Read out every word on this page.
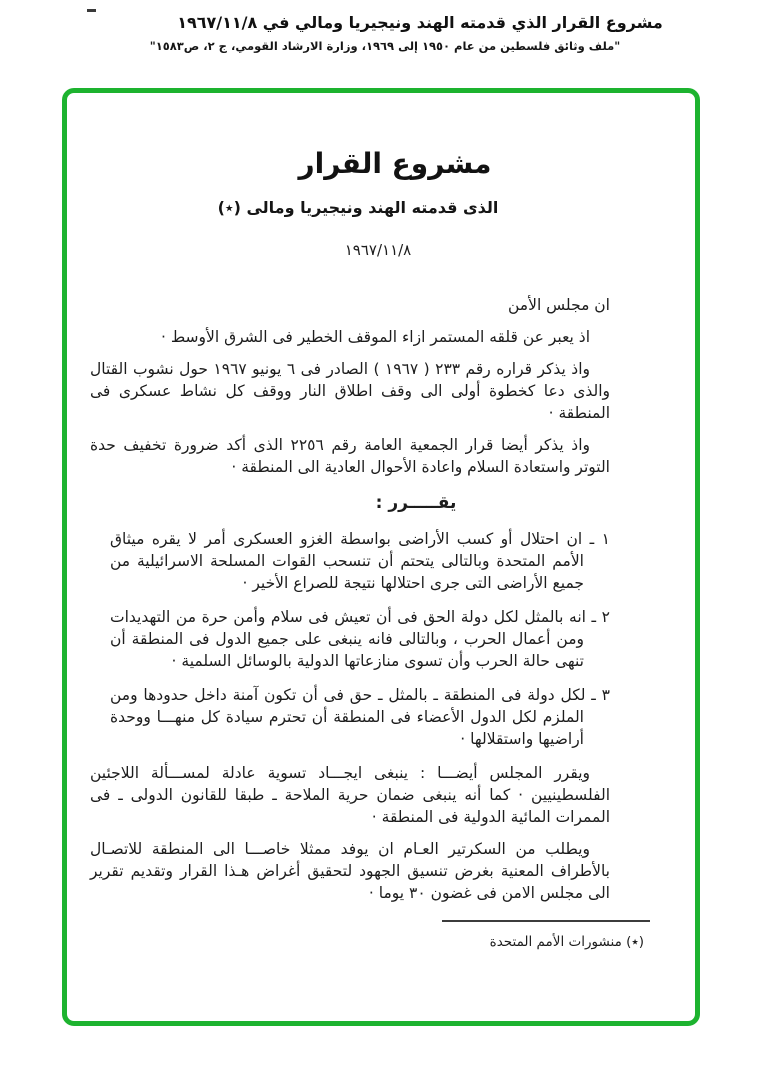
مشروع القرار الذي قدمته الهند ونيجيريا ومالي في ١٩٦٧/١١/٨
"ملف وثائق فلسطين من عام ١٩٥٠ إلى ١٩٦٩، وزارة الارشاد القومي، ج ٢، ص١٥٨٣"
مشروع القرار
الذى قدمته الهند ونيجيريا ومالى (٭)
١٩٦٧/١١/٨

ان مجلس الأمن

اذ يعبر عن قلقه المستمر ازاء الموقف الخطير فى الشرق الأوسط ·

واذ يذكر قراره رقم ٢٣٣ ( ١٩٦٧ ) الصادر فى ٦ يونيو ١٩٦٧ حول نشوب القتال والذى دعا كخطوة أولى الى وقف اطلاق النار ووقف كل نشاط عسكرى فى المنطقة ·

واذ يذكر أيضا قرار الجمعية العامة رقم ٢٢٥٦ الذى أكد ضرورة تخفيف حدة التوتر واستعادة السلام واعادة الأحوال العادية الى المنطقة ·

يقـــــرر :

١ ـ ان احتلال أو كسب الأراضى بواسطة الغزو العسكرى أمر لا يقره ميثاق الأمم المتحدة وبالتالى يتحتم أن تنسحب القوات المسلحة الاسرائيلية من جميع الأراضى التى جرى احتلالها نتيجة للصراع الأخير ·

٢ ـ انه بالمثل لكل دولة الحق فى أن تعيش فى سلام وأمن حرة من التهديدات ومن أعمال الحرب ، وبالتالى فانه ينبغى على جميع الدول فى المنطقة أن تنهى حالة الحرب وأن تسوى منازعاتها الدولية بالوسائل السلمية ·

٣ ـ لكل دولة فى المنطقة ـ بالمثل ـ حق فى أن تكون آمنة داخل حدودها ومن الملزم لكل الدول الأعضاء فى المنطقة أن تحترم سيادة كل منهـــا ووحدة أراضيها واستقلالها ·

ويقرر المجلس أيضـــا : ينبغى ايجـــاد تسوية عادلة لمســـألة اللاجئين الفلسطينيين · كما أنه ينبغى ضمان حرية الملاحة ـ طبقا للقانون الدولى ـ فى الممرات المائية الدولية فى المنطقة ·

ويطلب من السكرتير العـام ان يوفد ممثلا خاصـــا الى المنطقة للاتصـال بالأطراف المعنية بغرض تنسيق الجهود لتحقيق أغراض هـذا القرار وتقديم تقرير الى مجلس الامن فى غضون ٣٠ يوما ·

(٭) منشورات الأمم المتحدة
